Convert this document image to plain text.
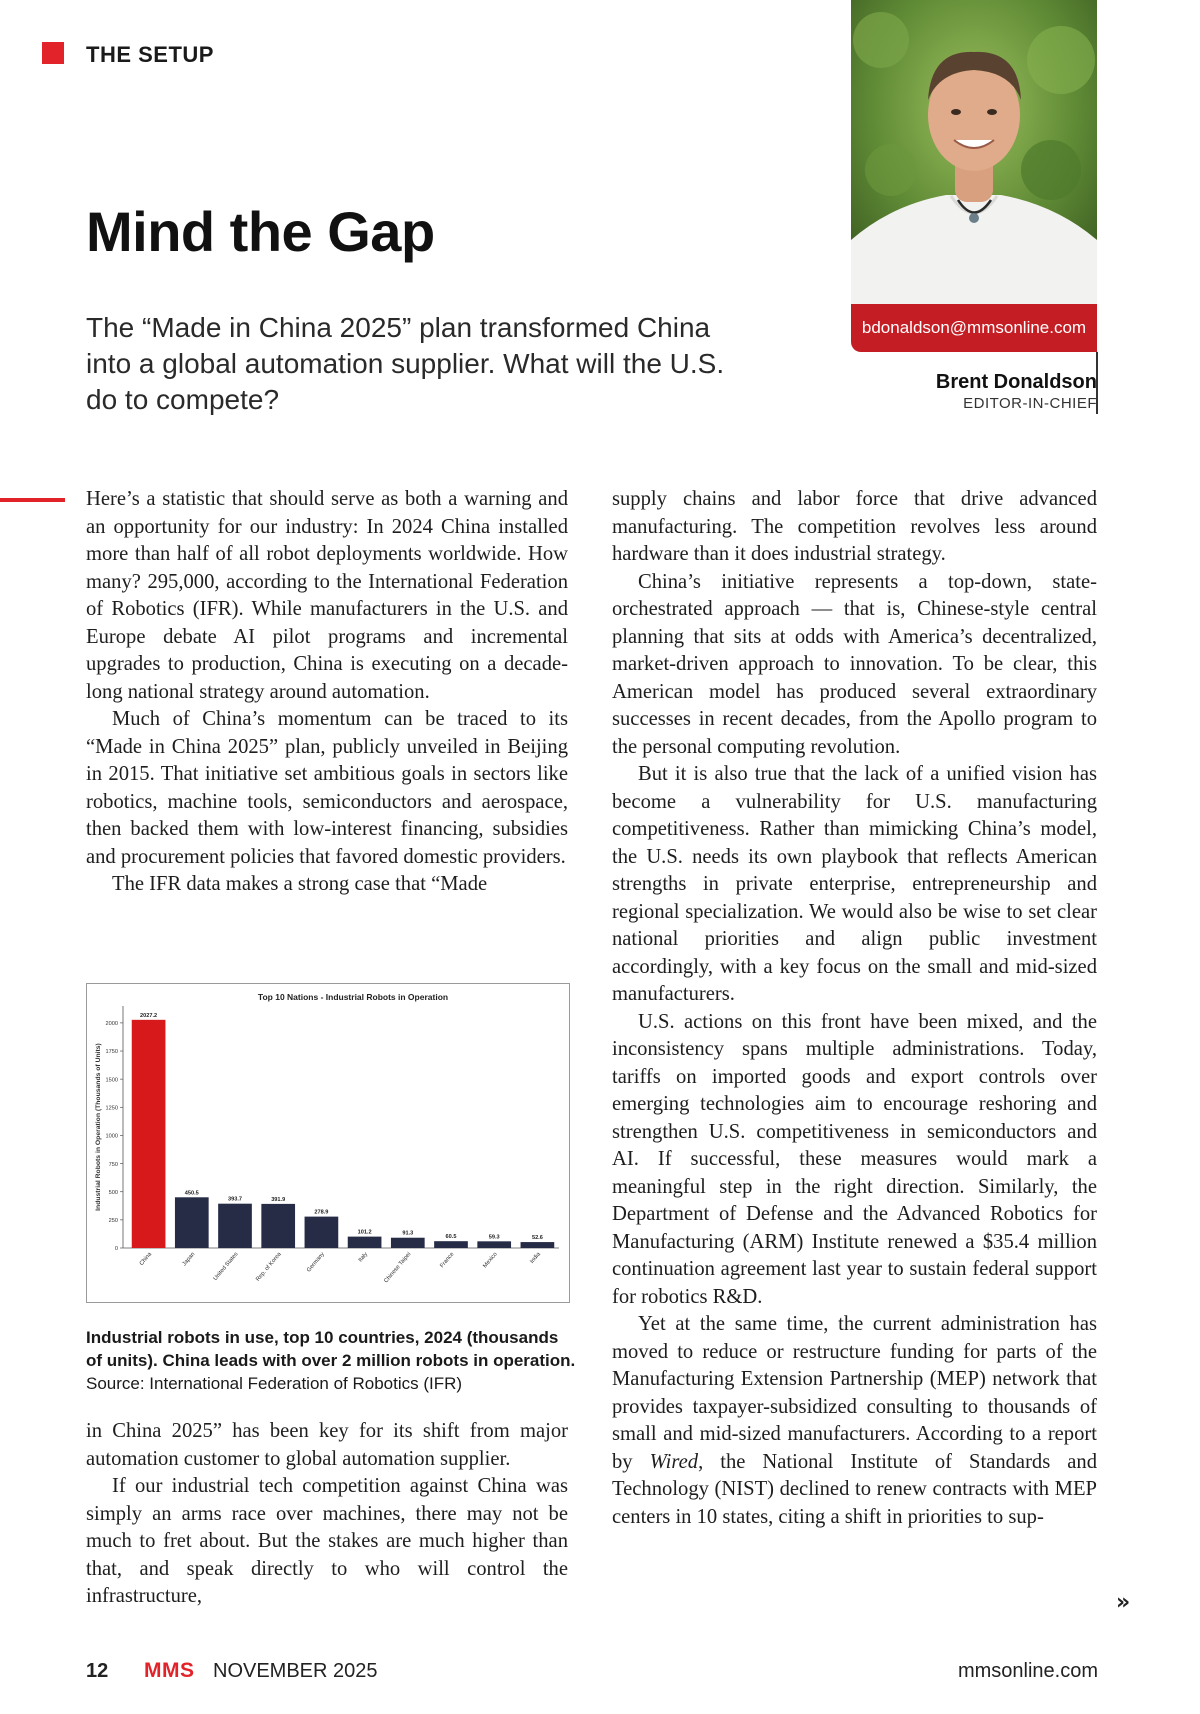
THE SETUP
Mind the Gap

The “Made in China 2025” plan transformed China into a global automation supplier. What will the U.S. do to compete?

bdonaldson@mmsonline.com
Brent Donaldson
EDITOR-IN-CHIEF

Here’s a statistic that should serve as both a warning and an opportunity for our industry: In 2024 China installed more than half of all robot deployments worldwide. How many? 295,000, according to the International Federation of Robotics (IFR). While manufacturers in the U.S. and Europe debate AI pilot programs and incremental upgrades to production, China is executing on a decade-long national strategy around automation.

Much of China’s momentum can be traced to its “Made in China 2025” plan, publicly unveiled in Beijing in 2015. That initiative set ambitious goals in sectors like robotics, machine tools, semiconductors and aerospace, then backed them with low-interest financing, subsidies and procurement policies that favored domestic providers.

The IFR data makes a strong case that “Made

Top 10 Nations - Industrial Robots in Operation
Industrial Robots in Operation (Thousands of Units)
0
250
500
750
1000
1250
1500
1750
2000
2027.2
China
450.5
Japan
393.7
United States
391.9
Rep. of Korea
278.9
Germany
101.2
Italy
91.3
Chinese Taipei
60.5
France
59.3
Mexico
52.6
India
Industrial robots in use, top 10 countries, 2024 (thousands of units). China leads with over 2 million robots in operation.
Source: International Federation of Robotics (IFR)

in China 2025” has been key for its shift from major automation customer to global automation supplier.

If our industrial tech competition against China was simply an arms race over machines, there may not be much to fret about. But the stakes are much higher than that, and speak directly to who will control the infrastructure,

supply chains and labor force that drive advanced manufacturing. The competition revolves less around hardware than it does industrial strategy.

China’s initiative represents a top-down, state-orchestrated approach — that is, Chinese-style central planning that sits at odds with America’s decentralized, market-driven approach to innovation. To be clear, this American model has produced several extraordinary successes in recent decades, from the Apollo program to the personal computing revolution.

But it is also true that the lack of a unified vision has become a vulnerability for U.S. manufacturing competitiveness. Rather than mimicking China’s model, the U.S. needs its own playbook that reflects American strengths in private enterprise, entrepreneurship and regional specialization. We would also be wise to set clear national priorities and align public investment accordingly, with a key focus on the small and mid-sized manufacturers.

U.S. actions on this front have been mixed, and the inconsistency spans multiple administrations. Today, tariffs on imported goods and export controls over emerging technologies aim to encourage reshoring and strengthen U.S. competitiveness in semiconductors and AI. If successful, these measures would mark a meaningful step in the right direction. Similarly, the Department of Defense and the Advanced Robotics for Manufacturing (ARM) Institute renewed a $35.4 million continuation agreement last year to sustain federal support for robotics R&D.

Yet at the same time, the current administration has moved to reduce or restructure funding for parts of the Manufacturing Extension Partnership (MEP) network that provides taxpayer-subsidized consulting to thousands of small and mid-sized manufacturers. According to a report by Wired, the National Institute of Standards and Technology (NIST) declined to renew contracts with MEP centers in 10 states, citing a shift in priorities to sup-

»
12 MMS NOVEMBER 2025	mmsonline.com
